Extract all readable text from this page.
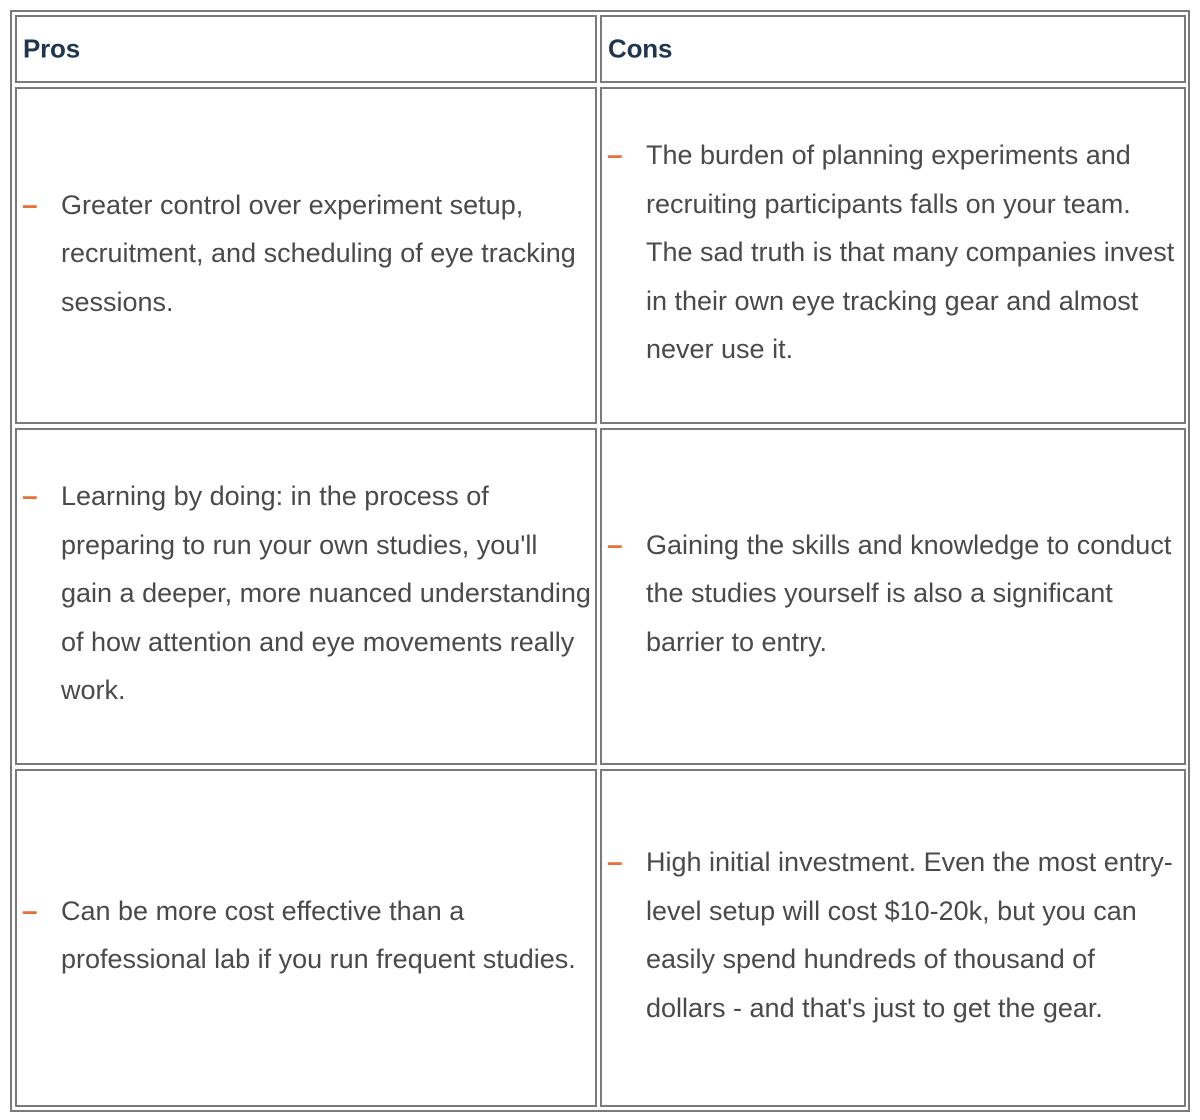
Pros	Cons
– Greater control over experiment setup, recruitment, and scheduling of eye tracking sessions.
– The burden of planning experiments and recruiting participants falls on your team. The sad truth is that many companies invest in their own eye tracking gear and almost never use it.
– Learning by doing: in the process of preparing to run your own studies, you'll gain a deeper, more nuanced understanding of how attention and eye movements really work.
– Gaining the skills and knowledge to conduct the studies yourself is also a significant barrier to entry.
– Can be more cost effective than a professional lab if you run frequent studies.
– High initial investment. Even the most entry-level setup will cost $10-20k, but you can easily spend hundreds of thousand of dollars - and that's just to get the gear.
